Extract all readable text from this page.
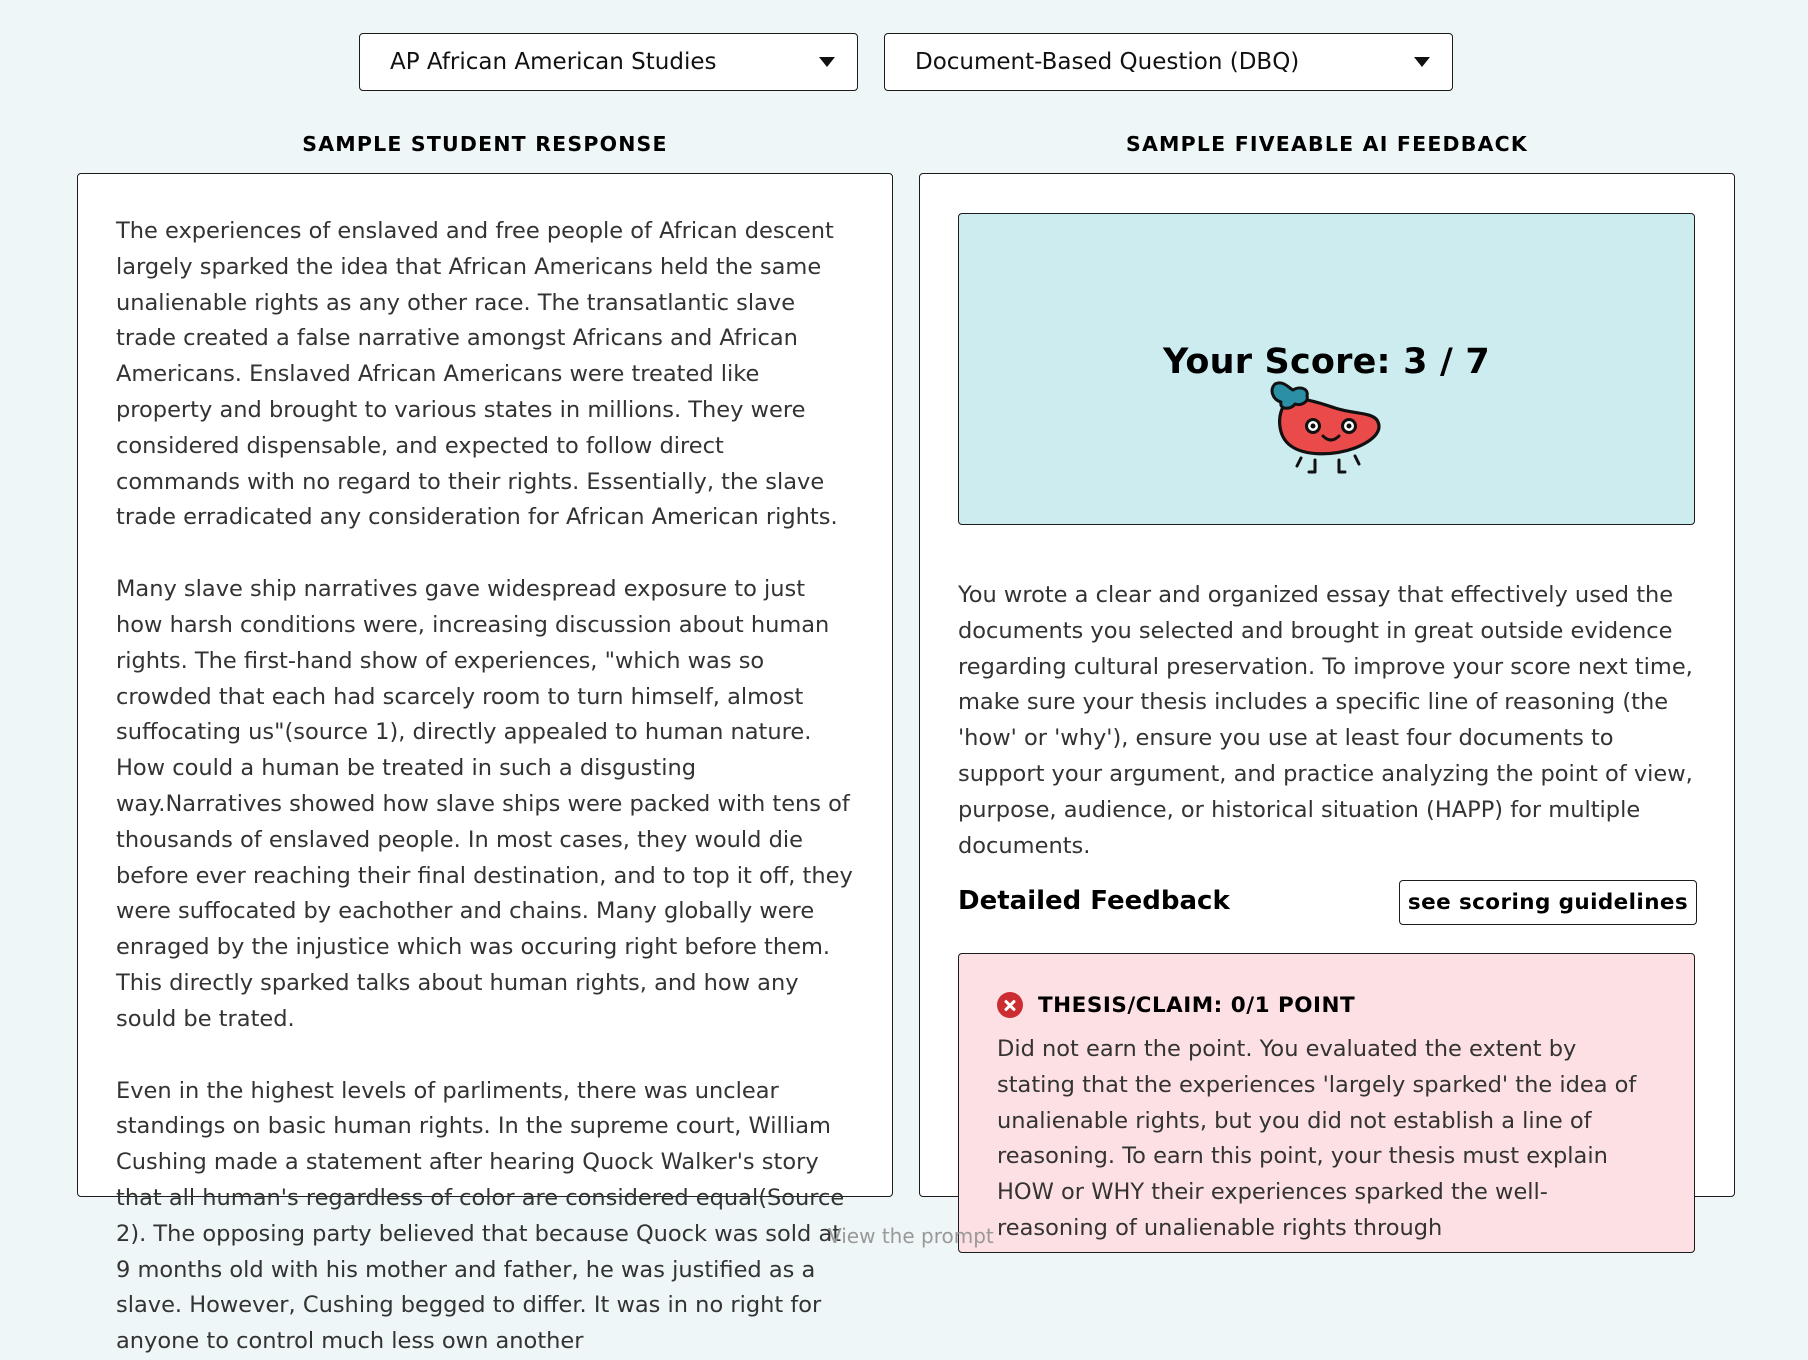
AP African American Studies	Document-Based Question (DBQ)
SAMPLE STUDENT RESPONSE	SAMPLE FIVEABLE AI FEEDBACK

The experiences of enslaved and free people of African descent largely sparked the idea that African Americans held the same unalienable rights as any other race. The transatlantic slave trade created a false narrative amongst Africans and African Americans. Enslaved African Americans were treated like property and brought to various states in millions. They were considered dispensable, and expected to follow direct commands with no regard to their rights. Essentially, the slave trade erradicated any consideration for African American rights.

Many slave ship narratives gave widespread exposure to just how harsh conditions were, increasing discussion about human rights. The first-hand show of experiences, "which was so crowded that each had scarcely room to turn himself, almost suffocating us"(source 1), directly appealed to human nature. How could a human be treated in such a disgusting way.Narratives showed how slave ships were packed with tens of thousands of enslaved people. In most cases, they would die before ever reaching their final destination, and to top it off, they were suffocated by eachother and chains. Many globally were enraged by the injustice which was occuring right before them. This directly sparked talks about human rights, and how any sould be trated.

Even in the highest levels of parliments, there was unclear standings on basic human rights. In the supreme court, William Cushing made a statement after hearing Quock Walker's story that all human's regardless of color are considered equal(Source 2). The opposing party believed that because Quock was sold at 9 months old with his mother and father, he was justified as a slave. However, Cushing begged to differ. It was in no right for anyone to control much less own another

Your Score: 3 / 7
You wrote a clear and organized essay that effectively used the documents you selected and brought in great outside evidence regarding cultural preservation. To improve your score next time, make sure your thesis includes a specific line of reasoning (the 'how' or 'why'), ensure you use at least four documents to support your argument, and practice analyzing the point of view, purpose, audience, or historical situation (HAPP) for multiple documents.
Detailed Feedback	see scoring guidelines
THESIS/CLAIM: 0/1 POINT
Did not earn the point. You evaluated the extent by stating that the experiences 'largely sparked' the idea of unalienable rights, but you did not establish a line of reasoning. To earn this point, your thesis must explain HOW or WHY their experiences sparked the well-reasoning of unalienable rights through
View the prompt
